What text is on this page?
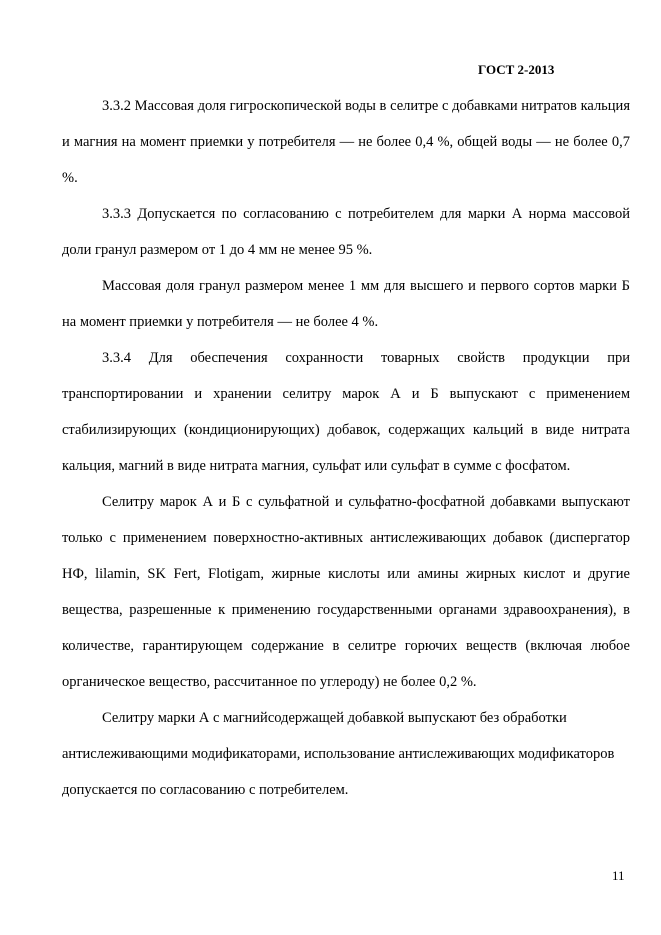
ГОСТ 2-2013

3.3.2 Массовая доля гигроскопической воды в селитре с добавками нитратов кальция и магния на момент приемки у потребителя — не более 0,4 %, общей воды — не более 0,7 %.

3.3.3 Допускается по согласованию с потребителем для марки А норма массовой доли гранул размером от 1 до 4 мм не менее 95 %.

Массовая доля гранул размером менее 1 мм для высшего и первого сортов марки Б на момент приемки у потребителя — не более 4 %.

3.3.4 Для обеспечения сохранности товарных свойств продукции при транспортировании и хранении селитру марок А и Б выпускают с применением стабилизирующих (кондиционирующих) добавок, содержащих кальций в виде нитрата кальция, магний в виде нитрата магния, сульфат или сульфат в сумме с фосфатом.

Селитру марок А и Б с сульфатной и сульфатно-фосфатной добавками выпускают только с применением поверхностно-активных антислеживающих добавок (диспергатор НФ, lilamin, SK Fert, Flotigam, жирные кислоты или амины жирных кислот и другие вещества, разрешенные к применению государственными органами здравоохранения), в количестве, гарантирующем содержание в селитре горючих веществ (включая любое органическое вещество, рассчитанное по углероду) не более 0,2 %.

Селитру марки А с магнийсодержащей добавкой выпускают без обработки антислеживающими модификаторами, использование антислеживающих модификаторов допускается по согласованию с потребителем.

11
